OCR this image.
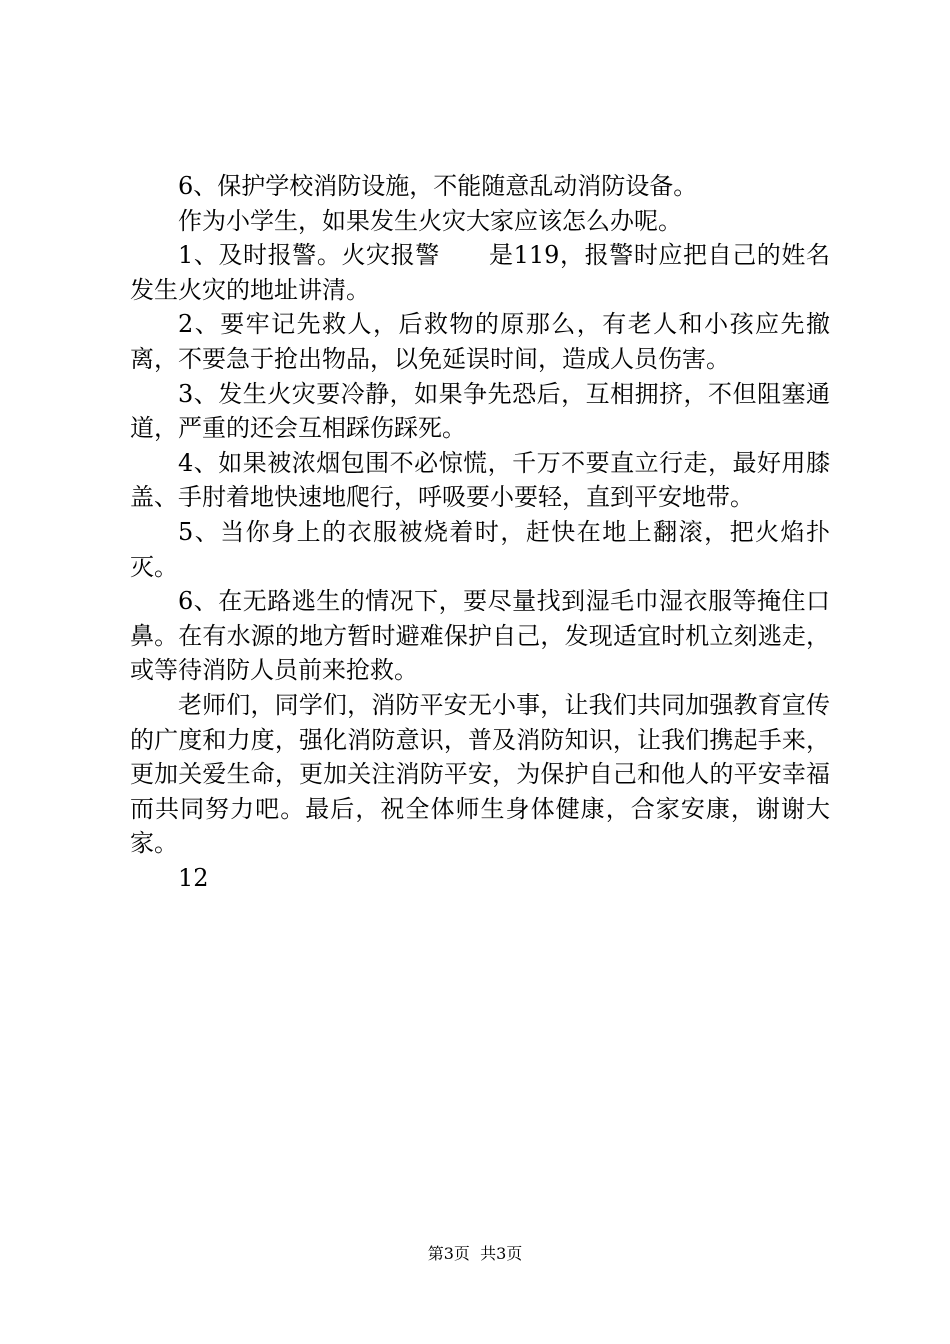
6、保护学校消防设施，不能随意乱动消防设备。

作为小学生，如果发生火灾大家应该怎么办呢。

1、及时报警。火灾报警　　是119，报警时应把自己的姓名发生火灾的地址讲清。

2、要牢记先救人，后救物的原那么，有老人和小孩应先撤离，不要急于抢出物品，以免延误时间，造成人员伤害。

3、发生火灾要冷静，如果争先恐后，互相拥挤，不但阻塞通道，严重的还会互相踩伤踩死。

4、如果被浓烟包围不必惊慌，千万不要直立行走，最好用膝盖、手肘着地快速地爬行，呼吸要小要轻，直到平安地带。

5、当你身上的衣服被烧着时，赶快在地上翻滚，把火焰扑灭。

6、在无路逃生的情况下，要尽量找到湿毛巾湿衣服等掩住口鼻。在有水源的地方暂时避难保护自己，发现适宜时机立刻逃走，或等待消防人员前来抢救。

老师们，同学们，消防平安无小事，让我们共同加强教育宣传的广度和力度，强化消防意识，普及消防知识，让我们携起手来，更加关爱生命，更加关注消防平安，为保护自己和他人的平安幸福而共同努力吧。最后，祝全体师生身体健康，合家安康，谢谢大家。

12

第3页  共3页
